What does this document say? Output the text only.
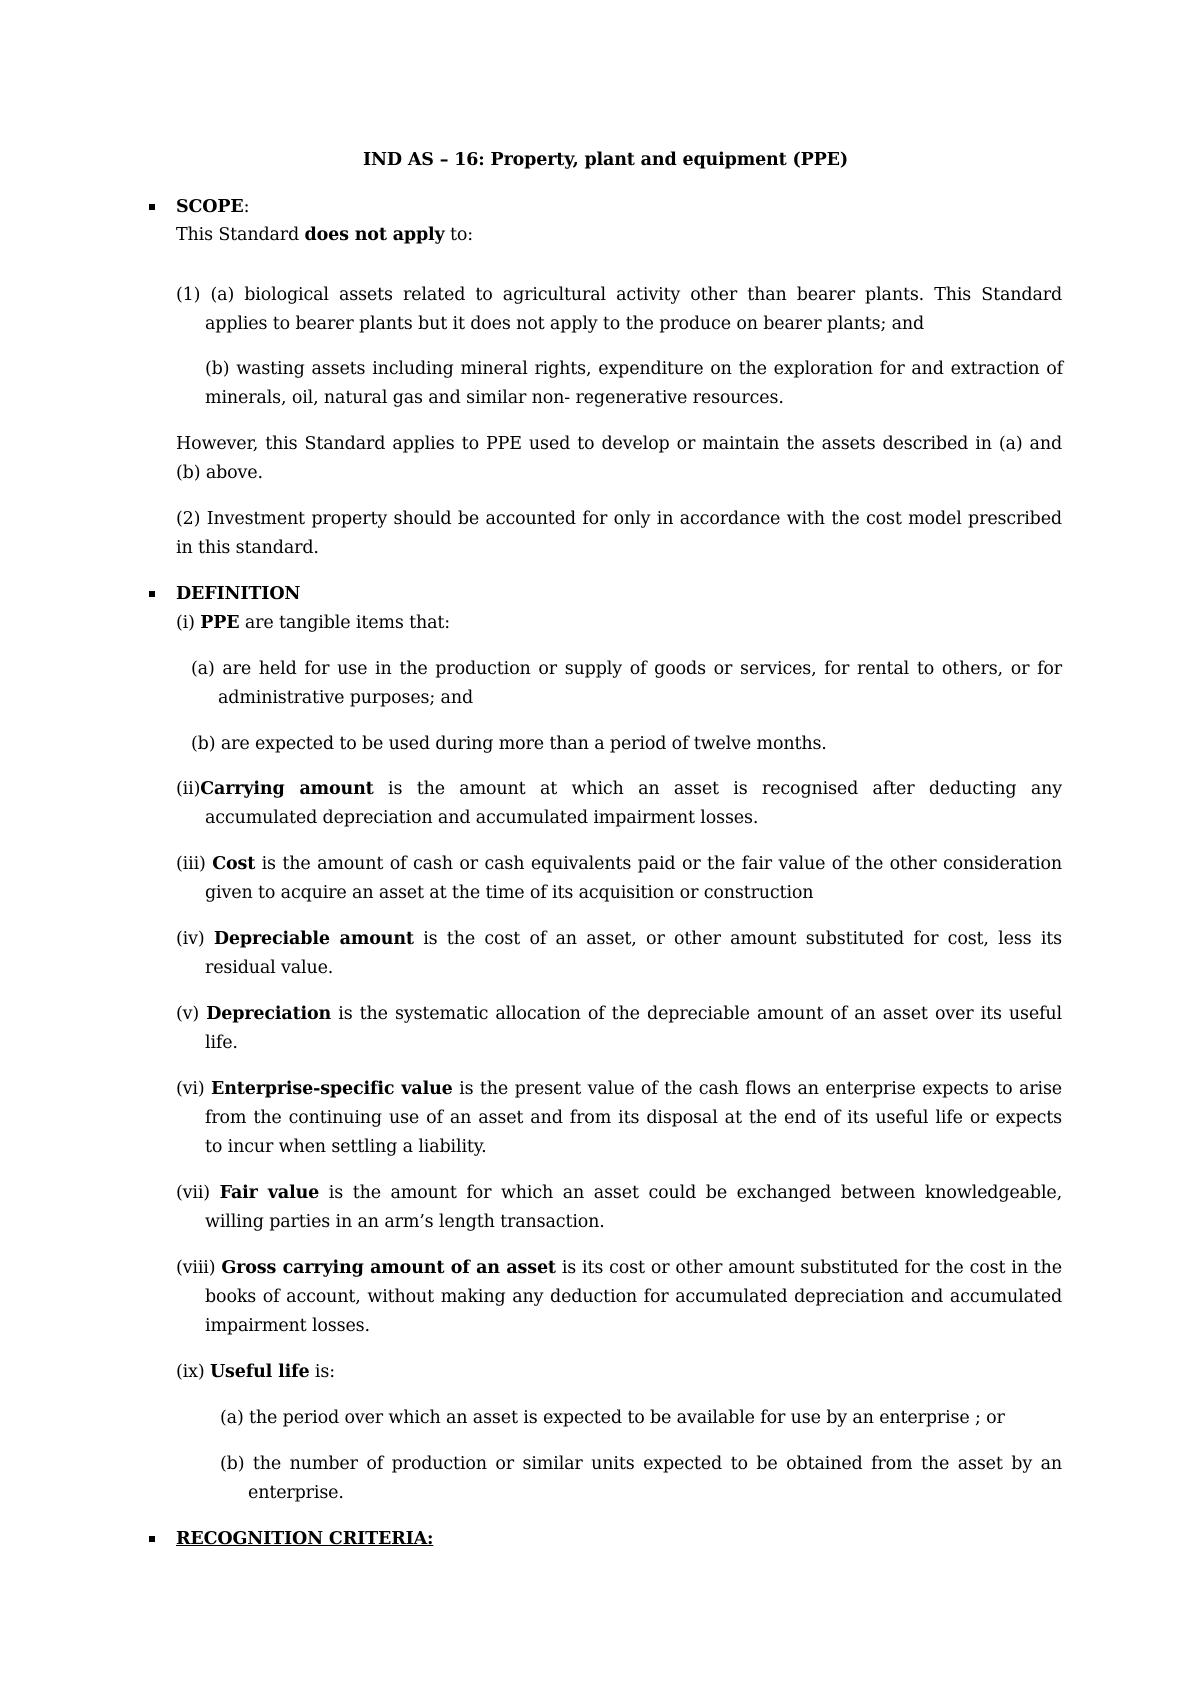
IND AS – 16: Property, plant and equipment (PPE)

SCOPE:

This Standard does not apply to:

(1) (a) biological assets related to agricultural activity other than bearer plants. This Standard

applies to bearer plants but it does not apply to the produce on bearer plants; and

(b) wasting assets including mineral rights, expenditure on the exploration for and extraction of

minerals, oil, natural gas and similar non- regenerative resources.

However, this Standard applies to PPE used to develop or maintain the assets described in (a) and

(b) above.

(2) Investment property should be accounted for only in accordance with the cost model prescribed

in this standard.

DEFINITION

(i) PPE are tangible items that:

(a) are held for use in the production or supply of goods or services, for rental to others, or for

administrative purposes; and

(b) are expected to be used during more than a period of twelve months.

(ii)Carrying amount is the amount at which an asset is recognised after deducting any

accumulated depreciation and accumulated impairment losses.

(iii) Cost is the amount of cash or cash equivalents paid or the fair value of the other consideration

given to acquire an asset at the time of its acquisition or construction

(iv) Depreciable amount is the cost of an asset, or other amount substituted for cost, less its

residual value.

(v) Depreciation is the systematic allocation of the depreciable amount of an asset over its useful

life.

(vi) Enterprise-specific value is the present value of the cash flows an enterprise expects to arise

from the continuing use of an asset and from its disposal at the end of its useful life or expects

to incur when settling a liability.

(vii) Fair value is the amount for which an asset could be exchanged between knowledgeable,

willing parties in an arm’s length transaction.

(viii) Gross carrying amount of an asset is its cost or other amount substituted for the cost in the

books of account, without making any deduction for accumulated depreciation and accumulated

impairment losses.

(ix) Useful life is:

(a) the period over which an asset is expected to be available for use by an enterprise ; or

(b) the number of production or similar units expected to be obtained from the asset by an

enterprise.

RECOGNITION CRITERIA:
